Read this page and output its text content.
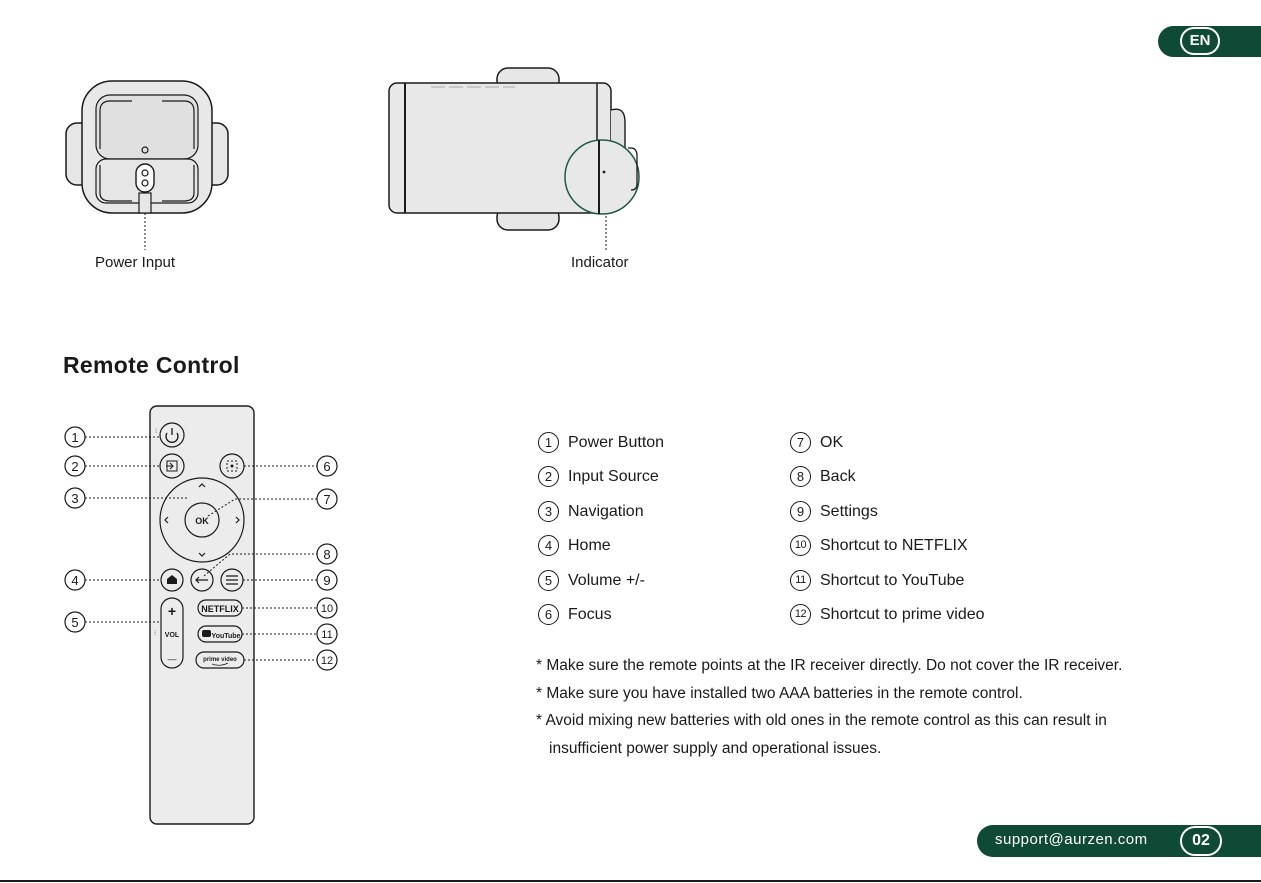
EN
Power Input	Indicator
Remote Control
⁝
OK
+
VOL
—
⁝
NETFLIX
YouTube
prime video
1
2
3
4
5
6
7
8
9
10
11
12
1 Power Button
2 Input Source
3 Navigation
4 Home
5 Volume +/-
6 Focus
7 OK
8 Back
9 Settings
10 Shortcut to NETFLIX
11 Shortcut to YouTube
12 Shortcut to prime video
* Make sure the remote points at the IR receiver directly. Do not cover the IR receiver.
* Make sure you have installed two AAA batteries in the remote control.
* Avoid mixing new batteries with old ones in the remote control as this can result in
insufficient power supply and operational issues.
support@aurzen.com	02
